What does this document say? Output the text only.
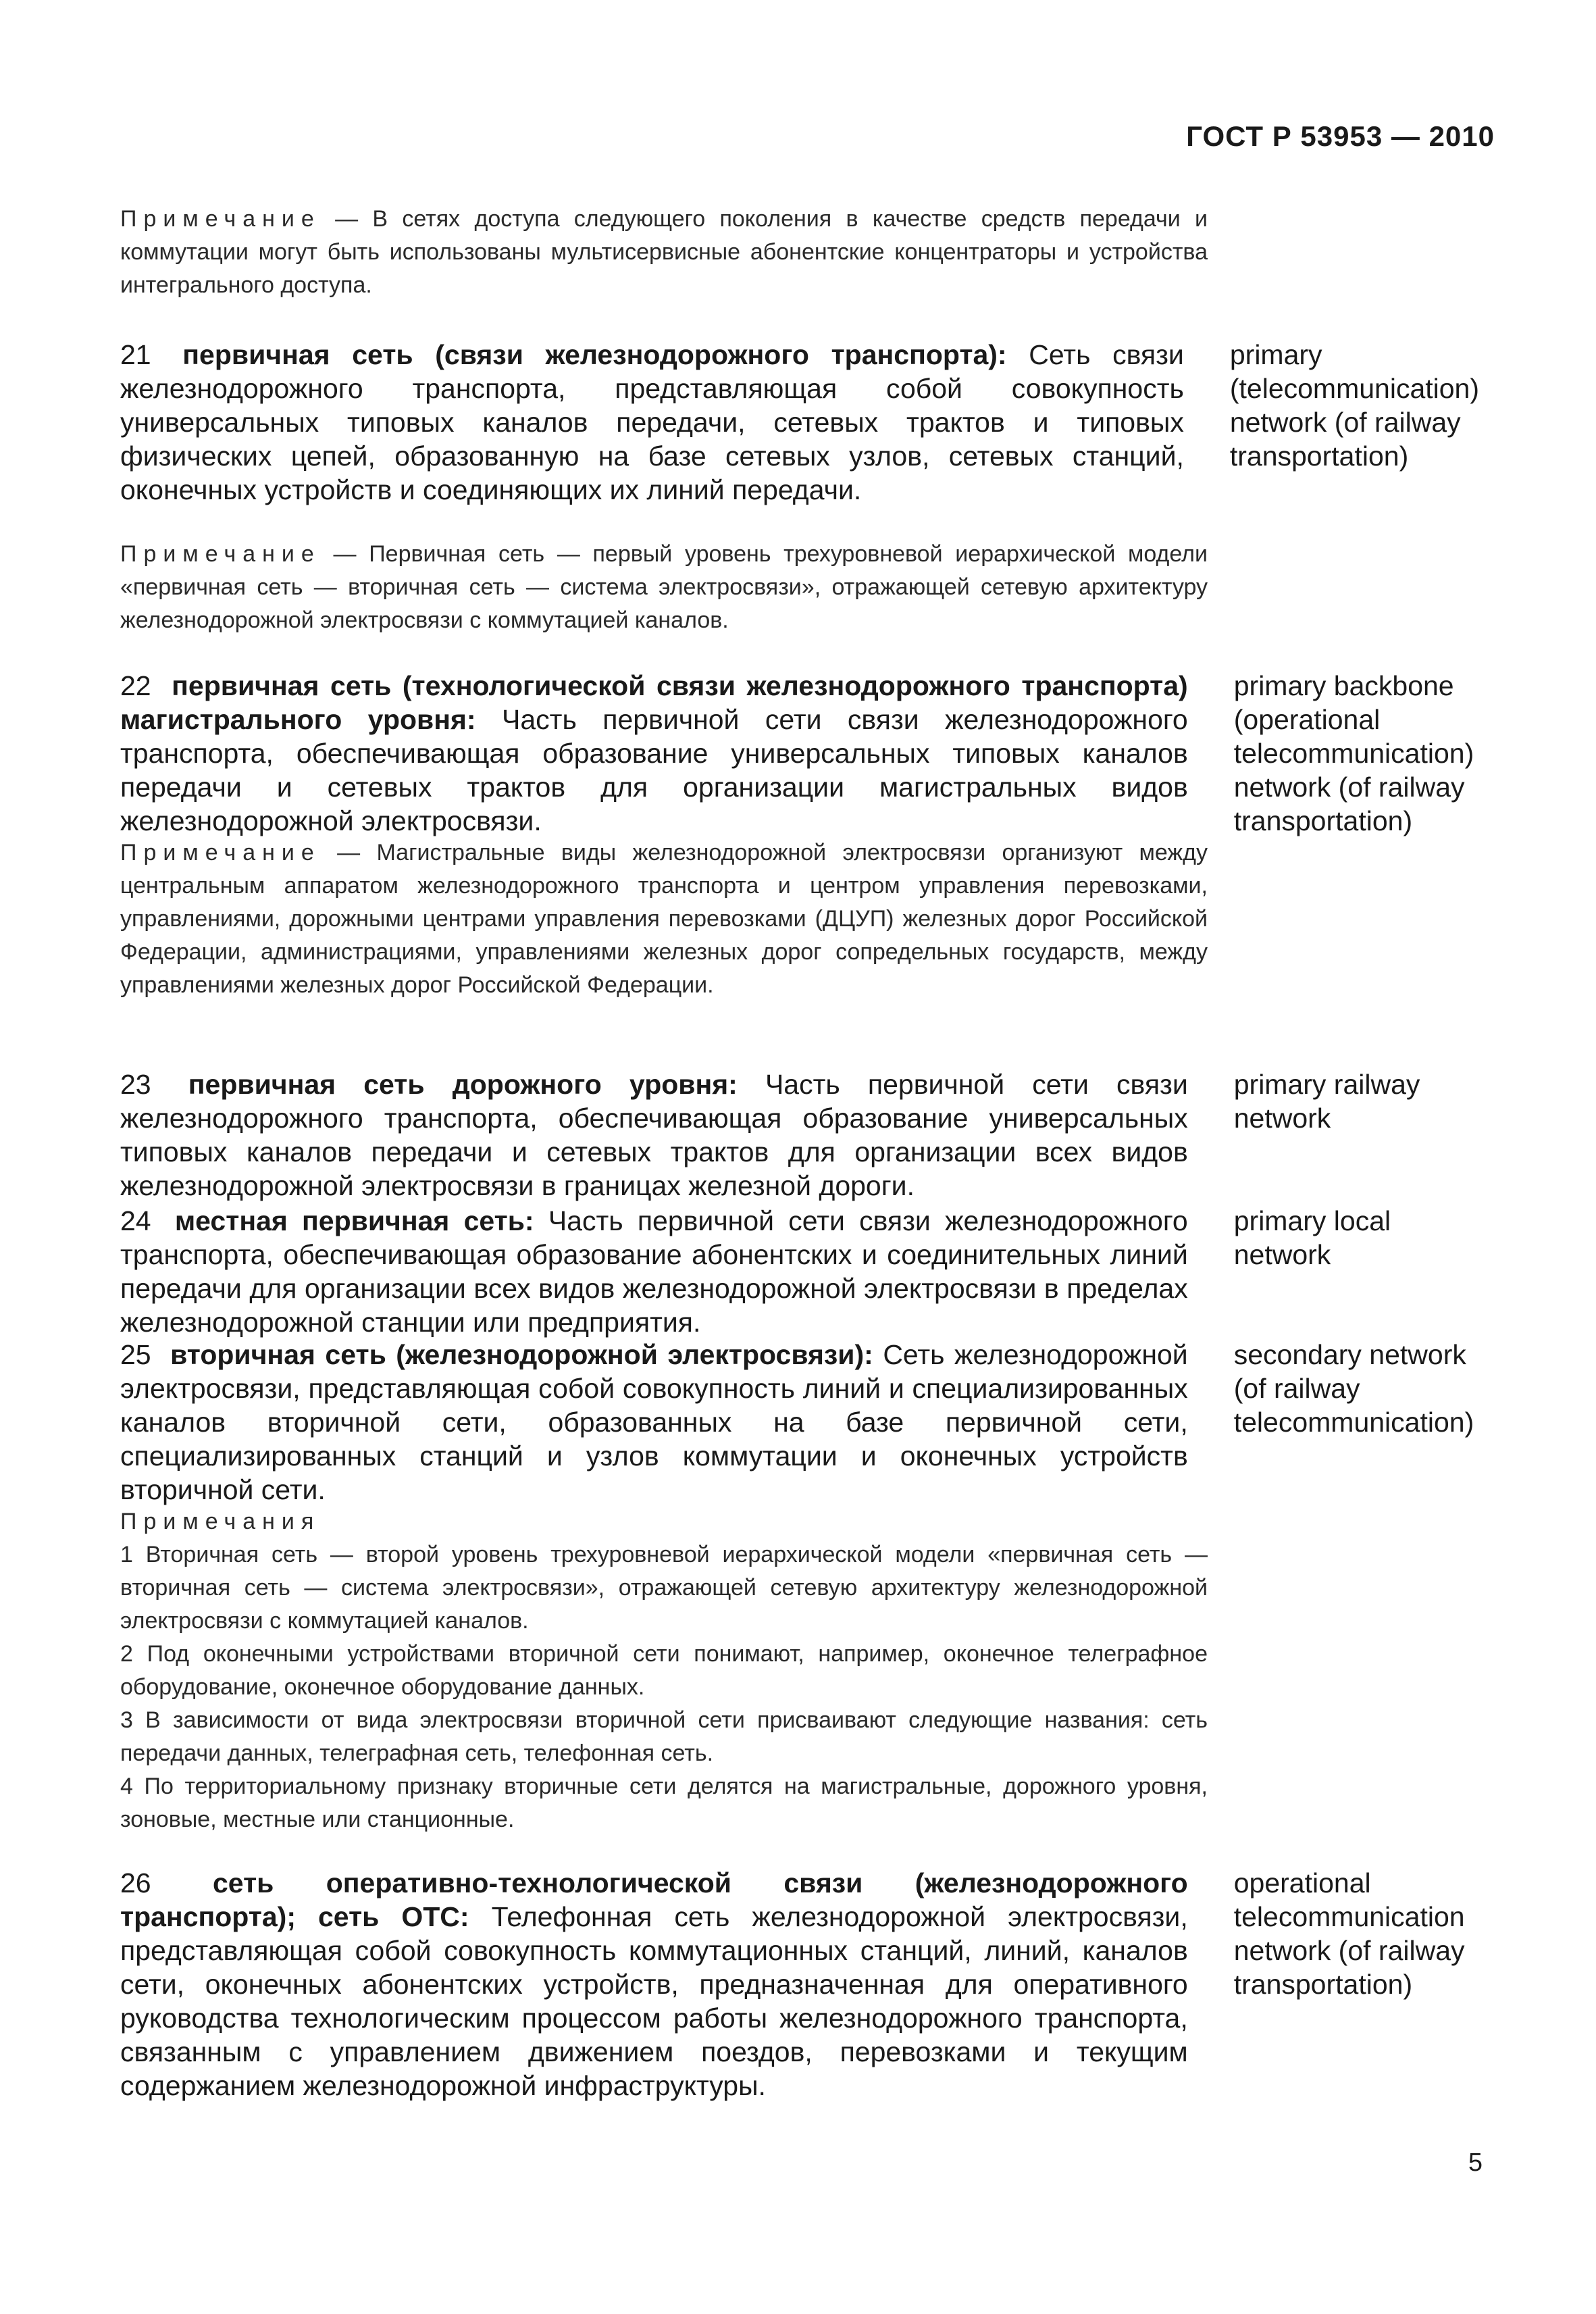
ГОСТ Р 53953 — 2010
Примечание — В сетях доступа следующего поколения в качестве средств передачи и коммутации могут быть использованы мультисервисные абонентские концентраторы и устройства интегрального доступа.
21 первичная сеть (связи железнодорожного транспорта): Сеть связи железнодорожного транспорта, представляющая собой совокупность универсальных типовых каналов передачи, сетевых трактов и типовых физических цепей, образованную на базе сетевых узлов, сетевых станций, оконечных устройств и соединяющих их линий передачи.
primary (telecommunication) network (of railway transportation)
Примечание — Первичная сеть — первый уровень трехуровневой иерархической модели «первичная сеть — вторичная сеть — система электросвязи», отражающей сетевую архитектуру железнодорожной электросвязи с коммутацией каналов.
22 первичная сеть (технологической связи железнодорожного транспорта) магистрального уровня: Часть первичной сети связи железнодорожного транспорта, обеспечивающая образование универсальных типовых каналов передачи и сетевых трактов для организации магистральных видов железнодорожной электросвязи.
primary backbone (operational telecommunication) network (of railway transportation)
Примечание — Магистральные виды железнодорожной электросвязи организуют между центральным аппаратом железнодорожного транспорта и центром управления перевозками, управлениями, дорожными центрами управления перевозками (ДЦУП) железных дорог Российской Федерации, администрациями, управлениями железных дорог сопредельных государств, между управлениями железных дорог Российской Федерации.
23 первичная сеть дорожного уровня: Часть первичной сети связи железнодорожного транспорта, обеспечивающая образование универсальных типовых каналов передачи и сетевых трактов для организации всех видов железнодорожной электросвязи в границах железной дороги.
primary railway network
24 местная первичная сеть: Часть первичной сети связи железнодорожного транспорта, обеспечивающая образование абонентских и соединительных линий передачи для организации всех видов железнодорожной электросвязи в пределах железнодорожной станции или предприятия.
primary local network
25 вторичная сеть (железнодорожной электросвязи): Сеть железнодорожной электросвязи, представляющая собой совокупность линий и специализированных каналов вторичной сети, образованных на базе первичной сети, специализированных станций и узлов коммутации и оконечных устройств вторичной сети.
secondary network (of railway telecommunication)

Примечания

1 Вторичная сеть — второй уровень трехуровневой иерархической модели «первичная сеть — вторичная сеть — система электросвязи», отражающей сетевую архитектуру железнодорожной электросвязи с коммутацией каналов.

2 Под оконечными устройствами вторичной сети понимают, например, оконечное телеграфное оборудование, оконечное оборудование данных.

3 В зависимости от вида электросвязи вторичной сети присваивают следующие названия: сеть передачи данных, телеграфная сеть, телефонная сеть.

4 По территориальному признаку вторичные сети делятся на магистральные, дорожного уровня, зоновые, местные или станционные.

26 сеть оперативно-технологической связи (железнодорожного транспорта); сеть ОТС: Телефонная сеть железнодорожной электросвязи, представляющая собой совокупность коммутационных станций, линий, каналов сети, оконечных абонентских устройств, предназначенная для оперативного руководства технологическим процессом работы железнодорожного транспорта, связанным с управлением движением поездов, перевозками и текущим содержанием железнодорожной инфраструктуры.
operational telecommunication network (of railway transportation)
5
